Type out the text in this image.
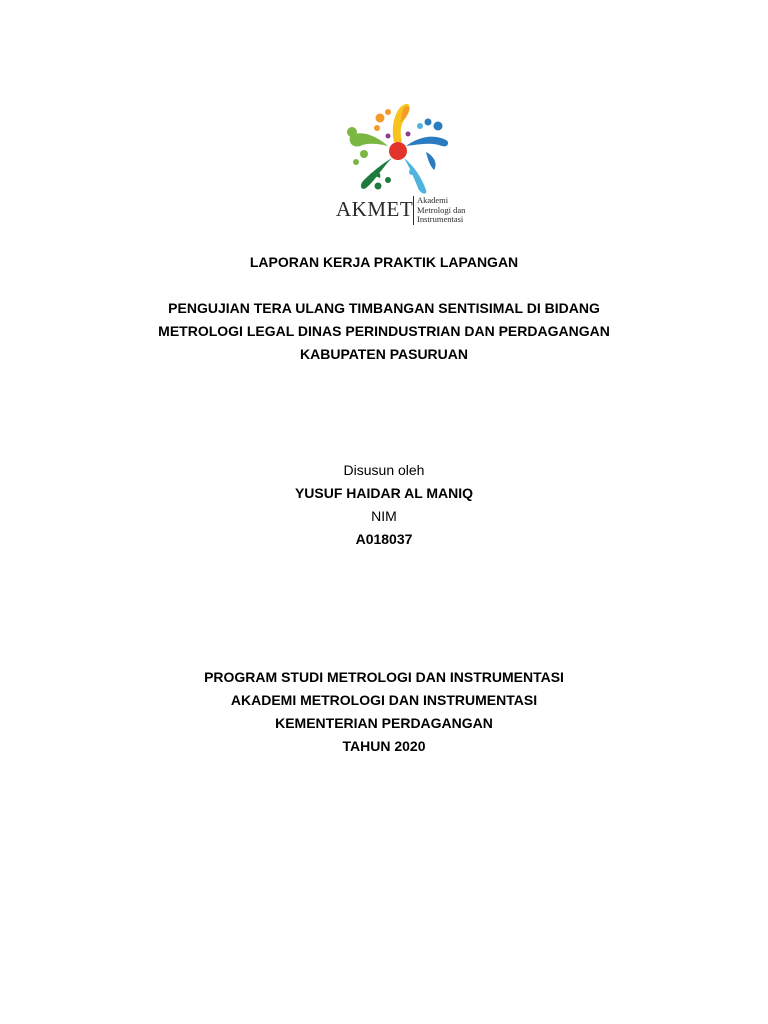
AKMET Akademi
Metrologi dan
Instrumentasi
LAPORAN KERJA PRAKTIK LAPANGAN
PENGUJIAN TERA ULANG TIMBANGAN SENTISIMAL DI BIDANG
METROLOGI LEGAL DINAS PERINDUSTRIAN DAN PERDAGANGAN
KABUPATEN PASURUAN
Disusun oleh
YUSUF HAIDAR AL MANIQ
NIM
A018037
PROGRAM STUDI METROLOGI DAN INSTRUMENTASI
AKADEMI METROLOGI DAN INSTRUMENTASI
KEMENTERIAN PERDAGANGAN
TAHUN 2020
